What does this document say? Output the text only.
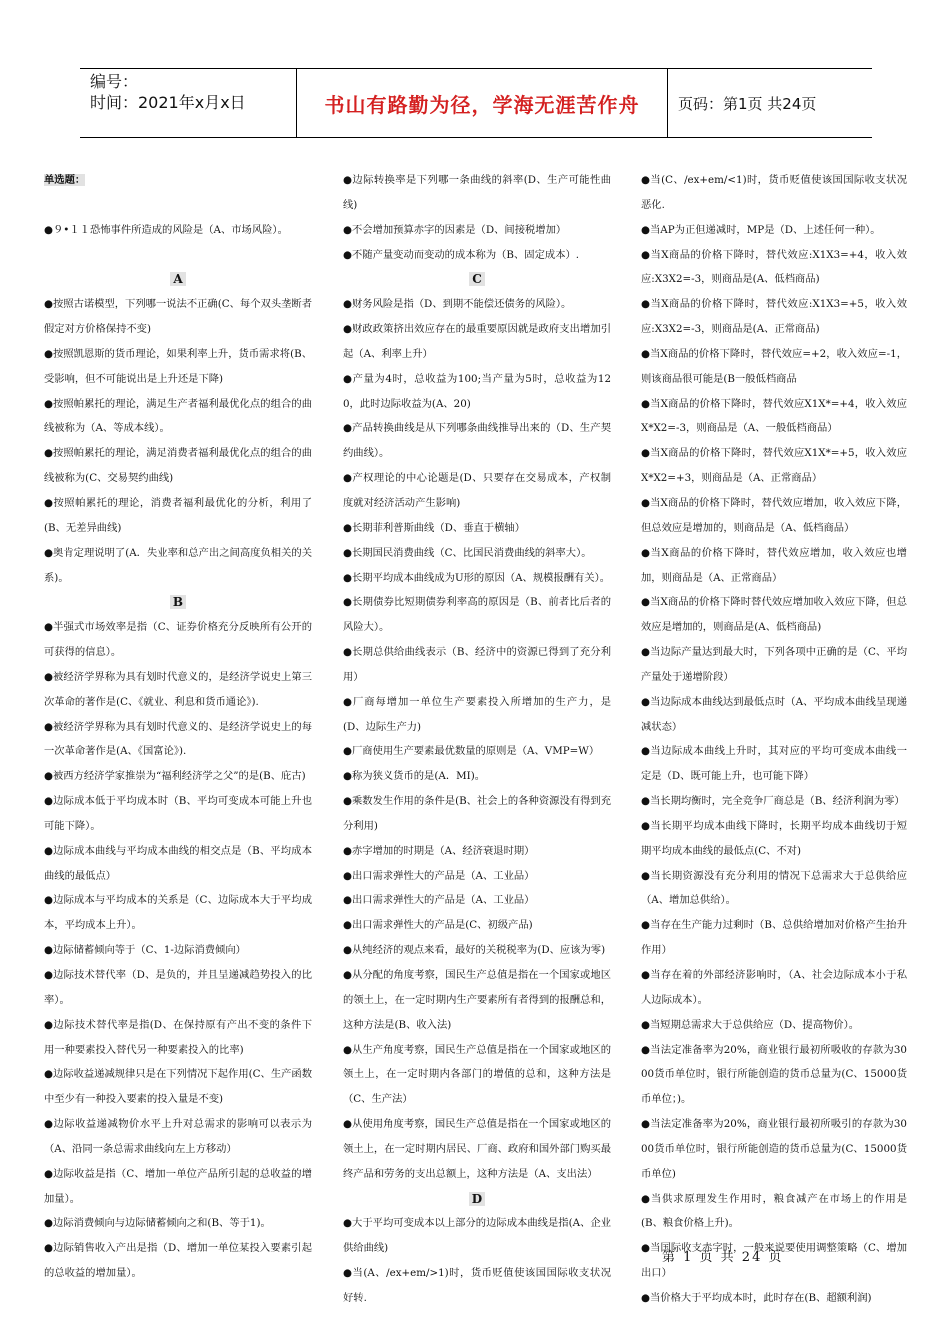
编号：
时间：2021年x月x日	书山有路勤为径，学海无涯苦作舟	页码：第1页 共24页

单选题：

●９•１１恐怖事件所造成的风险是（A、市场风险）。

A

●按照古诺模型，下列哪一说法不正确(C、每个双头垄断者假定对方价格保持不变)

●按照凯恩斯的货币理论，如果利率上升，货币需求将(B、受影响，但不可能说出是上升还是下降)

●按照帕累托的理论，满足生产者福利最优化点的组合的曲线被称为（A、等成本线）。

●按照帕累托的理论，满足消费者福利最优化点的组合的曲线被称为(C、交易契约曲线)

●按照帕累托的理论，消费者福利最优化的分析，利用了(B、无差异曲线)

●奥肯定理说明了(A．失业率和总产出之间高度负相关的关系)。

B

●半强式市场效率是指（C、证券价格充分反映所有公开的可获得的信息）。

●被经济学界称为具有划时代意义的，是经济学说史上第三次革命的著作是(C、《就业、利息和货币通论》).

●被经济学界称为具有划时代意义的、是经济学说史上的每一次革命著作是(A、《国富论》).

●被西方经济学家推崇为“福利经济学之父”的是(B、庇古)

●边际成本低于平均成本时（B、平均可变成本可能上升也可能下降）。

●边际成本曲线与平均成本曲线的相交点是（B、平均成本曲线的最低点）

●边际成本与平均成本的关系是（C、边际成本大于平均成本，平均成本上升）。

●边际储蓄倾向等于（C、1-边际消费倾向）

●边际技术替代率（D、是负的，并且呈递减趋势投入的比率）。

●边际技术替代率是指(D、在保持原有产出不变的条件下用一种要素投入替代另一种要素投入的比率)

●边际收益递减规律只是在下列情况下起作用(C、生产函数中至少有一种投入要素的投入量是不变)

●边际收益递减物价水平上升对总需求的影响可以表示为（A、沿同一条总需求曲线向左上方移动）

●边际收益是指（C、增加一单位产品所引起的总收益的增加量）。

●边际消费倾向与边际储蓄倾向之和(B、等于1)。

●边际销售收入产出是指（D、增加一单位某投入要素引起的总收益的增加量）。

●边际转换率是下列哪一条曲线的斜率(D、生产可能性曲线)

●不会增加预算赤字的因素是（D、间接税增加）

●不随产量变动而变动的成本称为（B、固定成本）.

C

●财务风险是指（D、到期不能偿还债务的风险）。

●财政政策挤出效应存在的最重要原因就是政府支出增加引起（A、利率上升）

●产量为4时，总收益为100;当产量为5时，总收益为120，此时边际收益为(A、20)

●产品转换曲线是从下列哪条曲线推导出来的（D、生产契约曲线）。

●产权理论的中心论题是(D、只要存在交易成本，产权制度就对经济活动产生影响)

●长期菲利普斯曲线（D、垂直于横轴）

●长期国民消费曲线（C、比国民消费曲线的斜率大）。

●长期平均成本曲线成为U形的原因（A、规模报酬有关）。

●长期债券比短期债券利率高的原因是（B、前者比后者的风险大）。

●长期总供给曲线表示（B、经济中的资源已得到了充分利用）

●厂商每增加一单位生产要素投入所增加的生产力，是(D、边际生产力)

●厂商使用生产要素最优数量的原则是（A、VMP=W）

●称为狭义货币的是(A．MI)。

●乘数发生作用的条件是(B、社会上的各种资源没有得到充分利用)

●赤字增加的时期是（A、经济衰退时期）

●出口需求弹性大的产品是（A、工业品）

●出口需求弹性大的产品是（A、工业品）

●出口需求弹性大的产品是(C、初级产品)

●从纯经济的观点来看，最好的关税税率为(D、应该为零)

●从分配的角度考察，国民生产总值是指在一个国家或地区的领土上，在一定时期内生产要素所有者得到的报酬总和，这种方法是(B、收入法)

●从生产角度考察，国民生产总值是指在一个国家或地区的领土上，在一定时期内各部门的增值的总和，这种方法是（C、生产法）

●从使用角度考察，国民生产总值是指在一个国家或地区的领土上，在一定时期内居民、厂商、政府和国外部门购买最终产品和劳务的支出总额上，这种方法是（A、支出法）

D

●大于平均可变成本以上部分的边际成本曲线是指(A、企业供给曲线)

●当(A、/ex+em/>1)时，货币贬值使该国国际收支状况好转.

●当(C、/ex+em/<1)时，货币贬值使该国国际收支状况恶化.

●当AP为正但递减时，MP是（D、上述任何一种）。

●当X商品的价格下降时，替代效应:X1X3=+4，收入效应:X3X2=-3，则商品是(A、低档商品)

●当X商品的价格下降时，替代效应:X1X3=+5，收入效应:X3X2=-3，则商品是(A、正常商品)

●当X商品的价格下降时，替代效应=+2，收入效应=-1，则该商品很可能是(B一般低档商品

●当X商品的价格下降时，替代效应X1X*=+4，收入效应X*X2=-3，则商品是（A、一般低档商品）

●当X商品的价格下降时，替代效应X1X*=+5，收入效应X*X2=+3，则商品是（A、正常商品）

●当X商品的价格下降时，替代效应增加，收入效应下降，但总效应是增加的，则商品是（A、低档商品）

●当X商品的价格下降时，替代效应增加，收入效应也增加，则商品是（A、正常商品）

●当X商品的价格下降时替代效应增加收入效应下降，但总效应是增加的，则商品是(A、低档商品)

●当边际产量达到最大时，下列各项中正确的是（C、平均产量处于递增阶段）

●当边际成本曲线达到最低点时（A、平均成本曲线呈现递减状态）

●当边际成本曲线上升时，其对应的平均可变成本曲线一定是（D、既可能上升，也可能下降）

●当长期均衡时，完全竞争厂商总是（B、经济利润为零）

●当长期平均成本曲线下降时，长期平均成本曲线切于短期平均成本曲线的最低点(C、不对)

●当长期资源没有充分利用的情况下总需求大于总供给应（A、增加总供给）。

●当存在生产能力过剩时（B、总供给增加对价格产生抬升作用）

●当存在着的外部经济影响时，（A、社会边际成本小于私人边际成本）。

●当短期总需求大于总供给应（D、提高物价）。

●当法定准备率为20%，商业银行最初所吸收的存款为3000货币单位时，银行所能创造的货币总量为(C、15000货币单位；)。

●当法定准备率为20%，商业银行最初所吸引的存款为3000货币单位时，银行所能创造的货币总量为(C、15000货币单位)

●当供求原理发生作用时，粮食减产在市场上的作用是(B、粮食价格上升)。

●当国际收支赤字时，一般来说要使用调整策略（C、增加出口）

●当价格大于平均成本时，此时存在(B、超额利润)

第 1 页 共 24 页
